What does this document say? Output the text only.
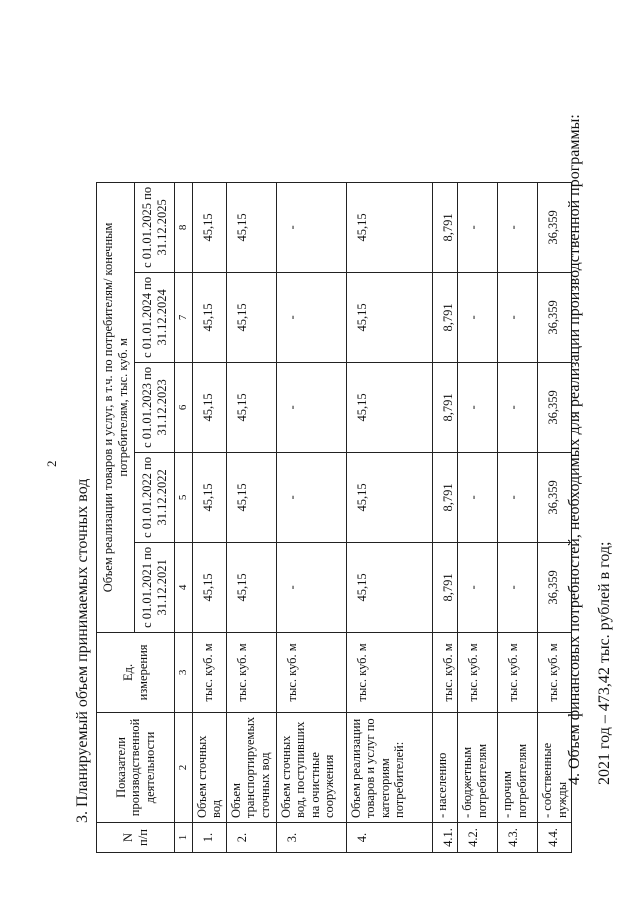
2
3. Планируемый объем принимаемых сточных вод
N п/п	Показатели производственной деятельности	Ед. измерения	Объем реализации товаров и услуг, в т.ч. по потребителям/ конечным потребителям, тыс. куб. м				
			с 01.01.2021 по 31.12.2021	с 01.01.2022 по 31.12.2022	с 01.01.2023 по 31.12.2023	с 01.01.2024 по 31.12.2024	с 01.01.2025 по 31.12.2025
1	2	3	4	5	6	7	8
1.	Объем сточных вод	тыс. куб. м	45,15	45,15	45,15	45,15	45,15
2.	Объем транспортируемых сточных вод	тыс. куб. м	45,15	45,15	45,15	45,15	45,15
3.	Объем сточных вод, поступивших на очистные сооружения	тыс. куб. м	-	-	-	-	-
4.	Объем реализации товаров и услуг по категориям потребителей:	тыс. куб. м	45,15	45,15	45,15	45,15	45,15
4.1.	- населению	тыс. куб. м	8,791	8,791	8,791	8,791	8,791
4.2.	- бюджетным потребителям	тыс. куб. м	-	-	-	-	-
4.3.	- прочим потребителям	тыс. куб. м	-	-	-	-	-
4.4.	- собственные нужды	тыс. куб. м	36,359	36,359	36,359	36,359	36,359 4. Объем финансовых потребностей, необходимых для реализации производственной программы: 2021 год – 473,42 тыс. рублей в год;
